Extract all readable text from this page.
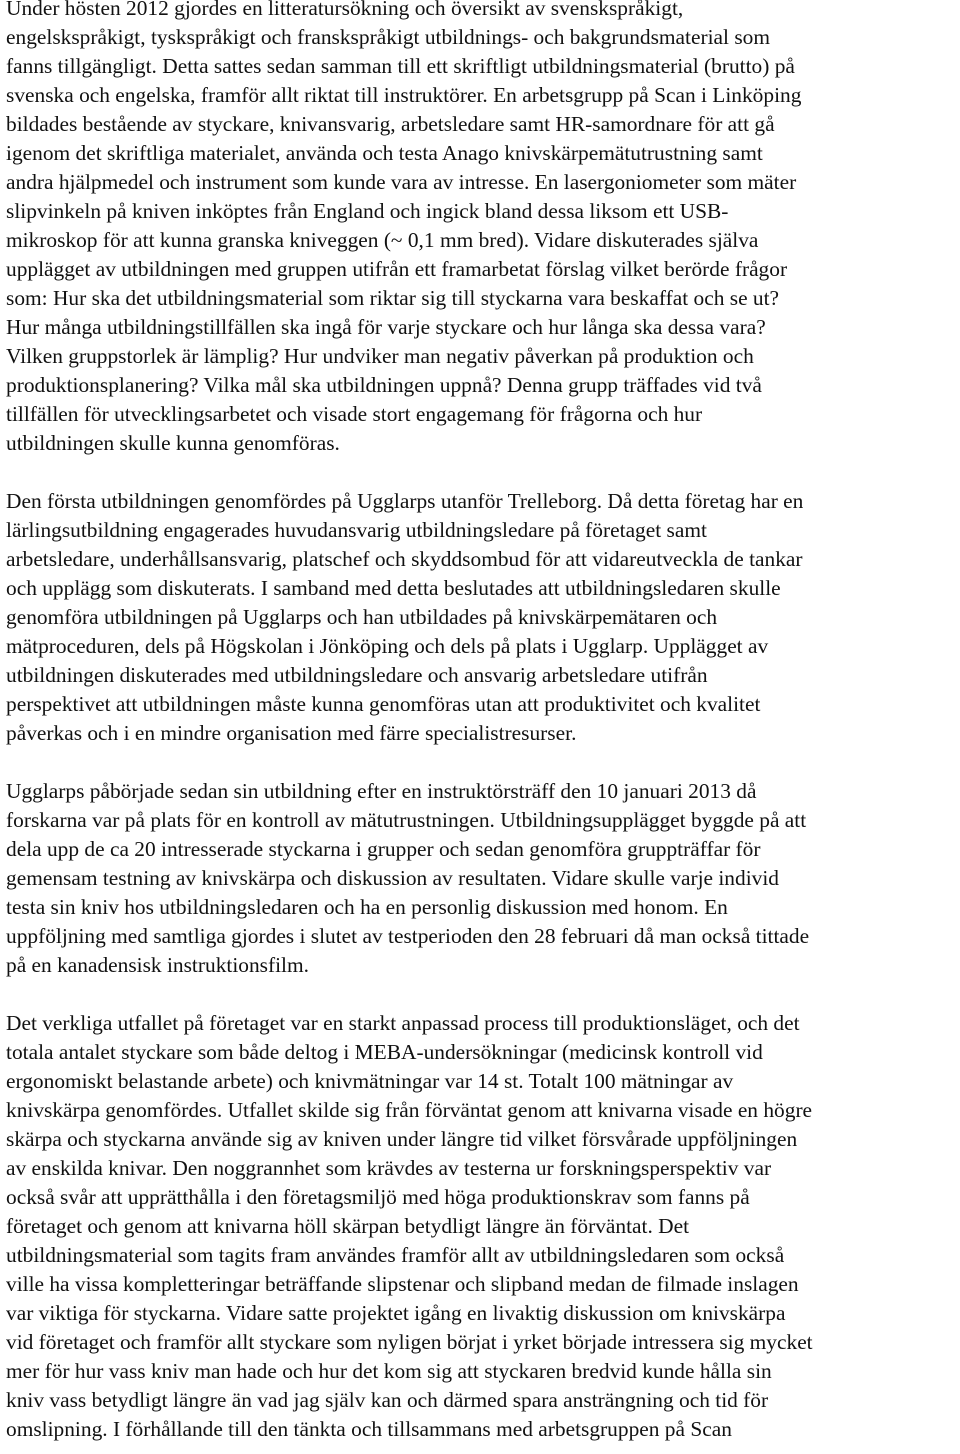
Under hösten 2012 gjordes en litteratursökning och översikt av svenskspråkigt,
engelskspråkigt, tyskspråkigt och franskspråkigt utbildnings- och bakgrundsmaterial som
fanns tillgängligt. Detta sattes sedan samman till ett skriftligt utbildningsmaterial (brutto) på
svenska och engelska, framför allt riktat till instruktörer. En arbetsgrupp på Scan i Linköping
bildades bestående av styckare, knivansvarig, arbetsledare samt HR-samordnare för att gå
igenom det skriftliga materialet, använda och testa Anago knivskärpemätutrustning samt
andra hjälpmedel och instrument som kunde vara av intresse. En lasergoniometer som mäter
slipvinkeln på kniven inköptes från England och ingick bland dessa liksom ett USB-
mikroskop för att kunna granska kniveggen (~ 0,1 mm bred). Vidare diskuterades själva
upplägget av utbildningen med gruppen utifrån ett framarbetat förslag vilket berörde frågor
som: Hur ska det utbildningsmaterial som riktar sig till styckarna vara beskaffat och se ut?
Hur många utbildningstillfällen ska ingå för varje styckare och hur långa ska dessa vara?
Vilken gruppstorlek är lämplig? Hur undviker man negativ påverkan på produktion och
produktionsplanering? Vilka mål ska utbildningen uppnå? Denna grupp träffades vid två
tillfällen för utvecklingsarbetet och visade stort engagemang för frågorna och hur
utbildningen skulle kunna genomföras.
Den första utbildningen genomfördes på Ugglarps utanför Trelleborg. Då detta företag har en
lärlingsutbildning engagerades huvudansvarig utbildningsledare på företaget samt
arbetsledare, underhållsansvarig, platschef och skyddsombud för att vidareutveckla de tankar
och upplägg som diskuterats. I samband med detta beslutades att utbildningsledaren skulle
genomföra utbildningen på Ugglarps och han utbildades på knivskärpemätaren och
mätproceduren, dels på Högskolan i Jönköping och dels på plats i Ugglarp. Upplägget av
utbildningen diskuterades med utbildningsledare och ansvarig arbetsledare utifrån
perspektivet att utbildningen måste kunna genomföras utan att produktivitet och kvalitet
påverkas och i en mindre organisation med färre specialistresurser.
Ugglarps påbörjade sedan sin utbildning efter en instruktörsträff den 10 januari 2013 då
forskarna var på plats för en kontroll av mätutrustningen. Utbildningsupplägget byggde på att
dela upp de ca 20 intresserade styckarna i grupper och sedan genomföra gruppträffar för
gemensam testning av knivskärpa och diskussion av resultaten. Vidare skulle varje individ
testa sin kniv hos utbildningsledaren och ha en personlig diskussion med honom. En
uppföljning med samtliga gjordes i slutet av testperioden den 28 februari då man också tittade
på en kanadensisk instruktionsfilm.
Det verkliga utfallet på företaget var en starkt anpassad process till produktionsläget, och det
totala antalet styckare som både deltog i MEBA-undersökningar (medicinsk kontroll vid
ergonomiskt belastande arbete) och knivmätningar var 14 st. Totalt 100 mätningar av
knivskärpa genomfördes. Utfallet skilde sig från förväntat genom att knivarna visade en högre
skärpa och styckarna använde sig av kniven under längre tid vilket försvårade uppföljningen
av enskilda knivar. Den noggrannhet som krävdes av testerna ur forskningsperspektiv var
också svår att upprätthålla i den företagsmiljö med höga produktionskrav som fanns på
företaget och genom att knivarna höll skärpan betydligt längre än förväntat. Det
utbildningsmaterial som tagits fram användes framför allt av utbildningsledaren som också
ville ha vissa kompletteringar beträffande slipstenar och slipband medan de filmade inslagen
var viktiga för styckarna. Vidare satte projektet igång en livaktig diskussion om knivskärpa
vid företaget och framför allt styckare som nyligen börjat i yrket började intressera sig mycket
mer för hur vass kniv man hade och hur det kom sig att styckaren bredvid kunde hålla sin
kniv vass betydligt längre än vad jag själv kan och därmed spara ansträngning och tid för
omslipning. I förhållande till den tänkta och tillsammans med arbetsgruppen på Scan
